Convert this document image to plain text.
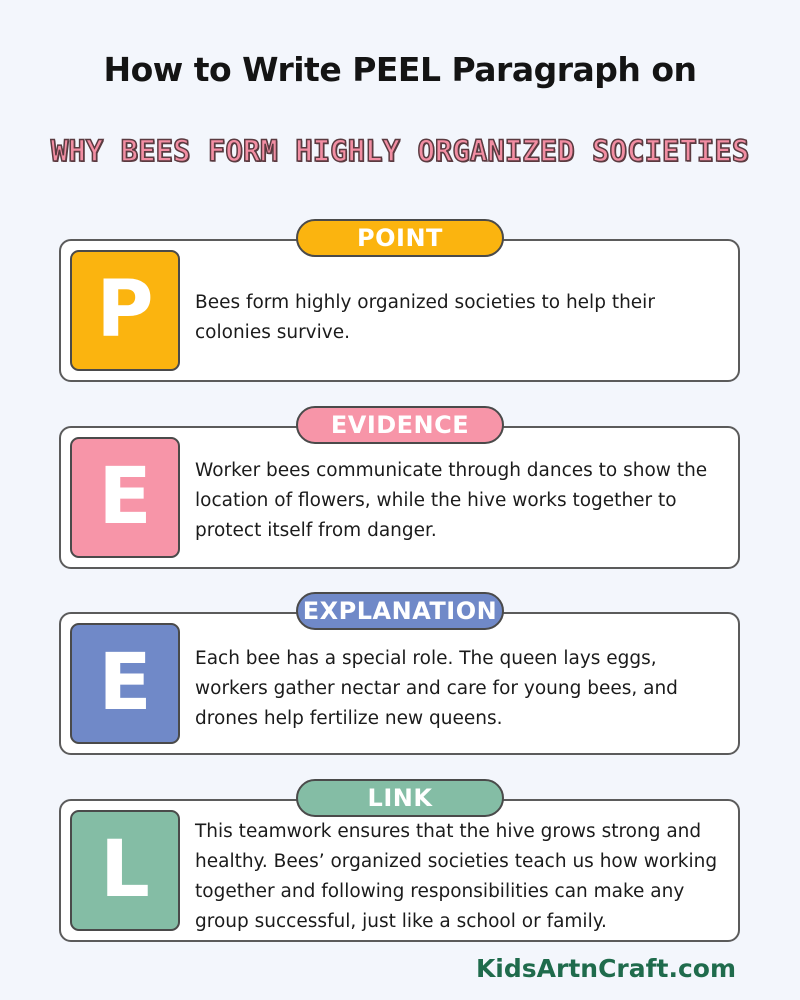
How to Write PEEL Paragraph on
WHY BEES FORM HIGHLY ORGANIZED SOCIETIES
POINT
P	Bees form highly organized societies to help their colonies survive.
EVIDENCE
E	Worker bees communicate through dances to show the location of flowers, while the hive works together to protect itself from danger.
EXPLANATION
E	Each bee has a special role. The queen lays eggs, workers gather nectar and care for young bees, and drones help fertilize new queens.
LINK
L	This teamwork ensures that the hive grows strong and healthy. Bees’ organized societies teach us how working together and following responsibilities can make any group successful, just like a school or family.
KidsArtnCraft.com
